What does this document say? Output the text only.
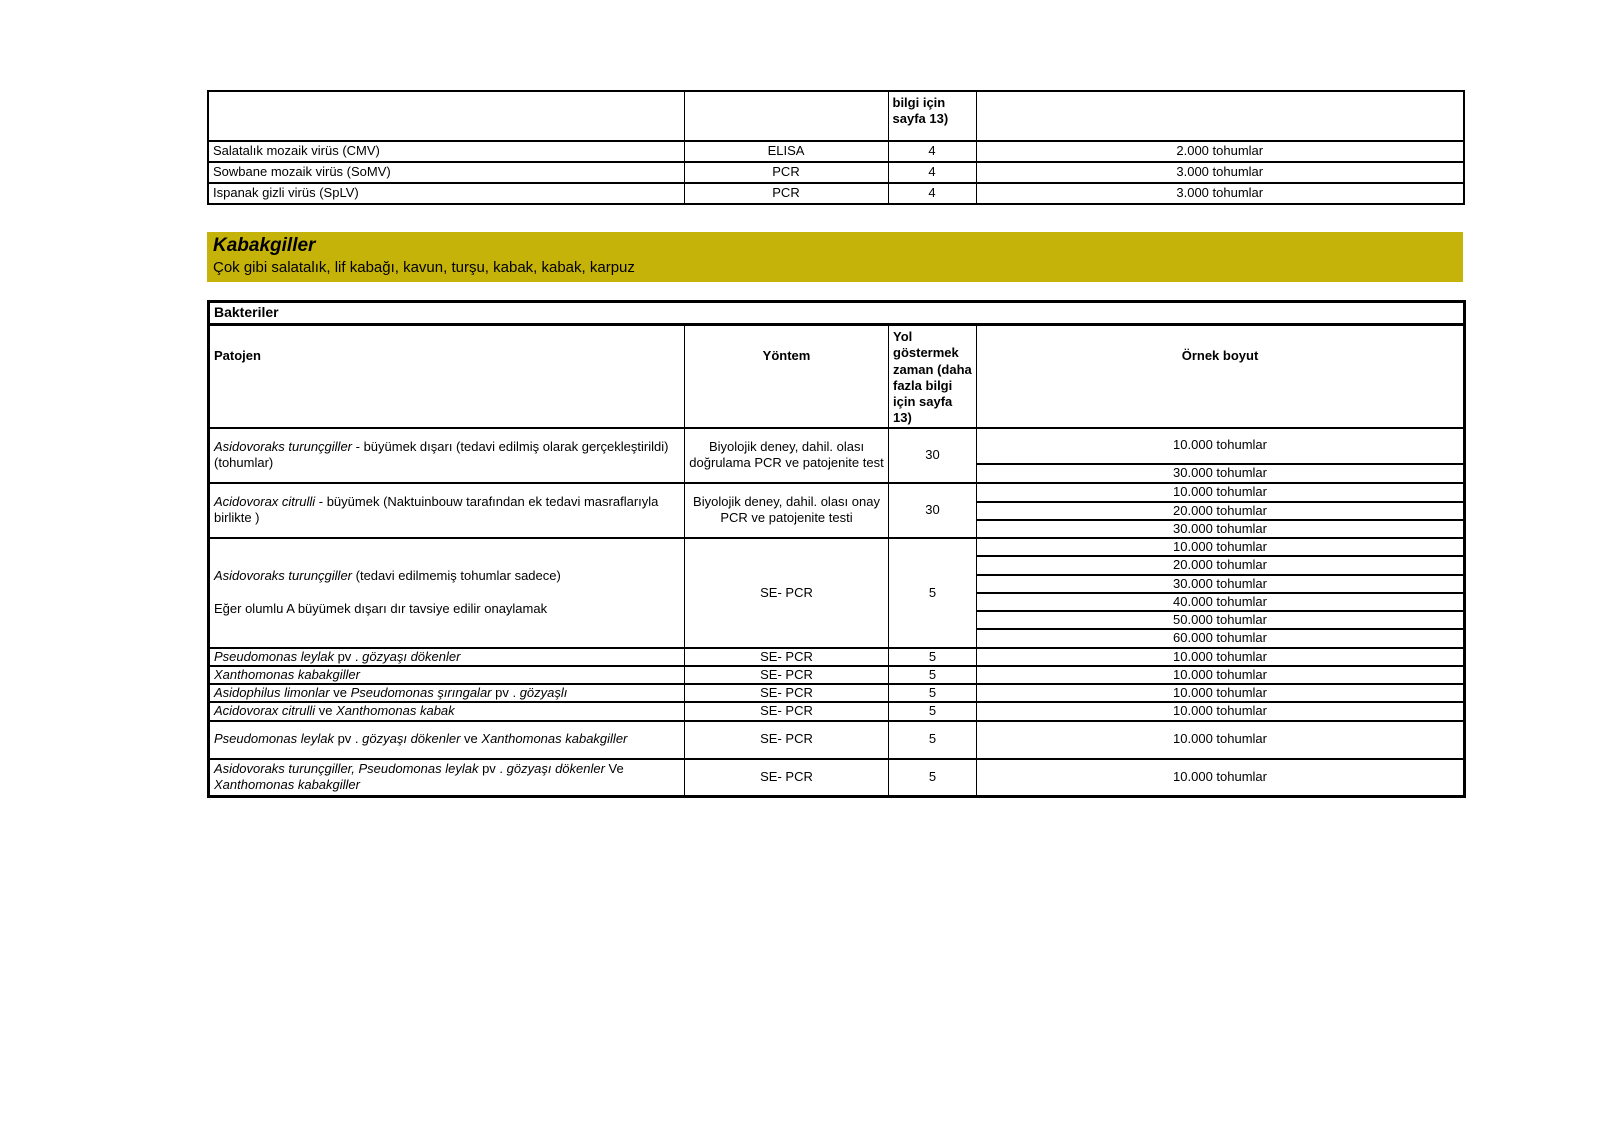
		bilgi için sayfa 13)	
Salatalık mozaik virüs (CMV)	ELISA	4	2.000 tohumlar
Sowbane mozaik virüs (SoMV)	PCR	4	3.000 tohumlar
Ispanak gizli virüs (SpLV)	PCR	4	3.000 tohumlar
Kabakgiller
Çok gibi salatalık, lif kabağı, kavun, turşu, kabak, kabak, karpuz
Bakteriler			
Patojen	Yöntem	Yol göstermek zaman (daha fazla bilgi için sayfa 13)	Örnek boyut
Asidovoraks turunçgiller - büyümek dışarı (tedavi edilmiş olarak gerçekleştirildi) (tohumlar)	Biyolojik deney, dahil. olası doğrulama PCR ve patojenite test	30	10.000 tohumlar
			30.000 tohumlar
Acidovorax citrulli - büyümek (Naktuinbouw tarafından ek tedavi masraflarıyla birlikte )	Biyolojik deney, dahil. olası onay PCR ve patojenite testi	30	10.000 tohumlar
			20.000 tohumlar
			30.000 tohumlar
Asidovoraks turunçgiller (tedavi edilmemiş tohumlar sadece)

Eğer olumlu A büyümek dışarı dır tavsiye edilir onaylamak	SE- PCR	5	10.000 tohumlar
			20.000 tohumlar
			30.000 tohumlar
			40.000 tohumlar
			50.000 tohumlar
			60.000 tohumlar
Pseudomonas leylak pv . gözyaşı dökenler	SE- PCR	5	10.000 tohumlar
Xanthomonas kabakgiller	SE- PCR	5	10.000 tohumlar
Asidophilus limonlar ve Pseudomonas şırıngalar pv . gözyaşlı	SE- PCR	5	10.000 tohumlar
Acidovorax citrulli ve Xanthomonas kabak	SE- PCR	5	10.000 tohumlar
Pseudomonas leylak pv . gözyaşı dökenler ve Xanthomonas kabakgiller	SE- PCR	5	10.000 tohumlar
Asidovoraks turunçgiller, Pseudomonas leylak pv . gözyaşı dökenler Ve Xanthomonas kabakgiller	SE- PCR	5	10.000 tohumlar
